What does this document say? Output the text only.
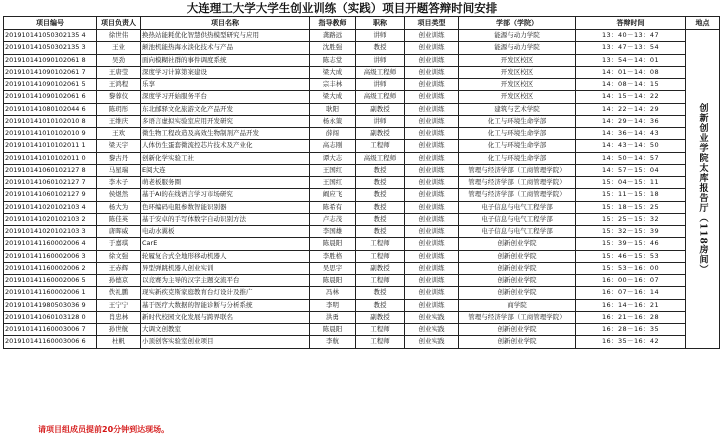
大连理工大学大学生创业训练（实践）项目开题答辩时间安排
项目编号	项目负责人	项目名称	指导教师	职称	项目类型	学部（学院）	答辩时间	地点
201910141050302135 4	徐世伟	换热站能耗优化智慧供热模型研究与应用	龚路远	讲师	创业训练	能源与动力学院	13：40－13：47	创新创业学院太库报告厅（118房间）

201910141050302135 3	王业	颠池机能热海水淡化技术与产品	沈胜强	教授	创业训练	能源与动力学院	13：47－13：54	
201910141090102061 8	吴劲	面向模糊社群的事件调度系统	陈志堂	讲师	创业训练	开发区校区	13：54－14：01	
201910141090102061 7	王唐莹	深度学习计算第案建设	梁大成	高级工程师	创业训练	开发区校区	14：01－14：08	
201910141090102061 5	王鸿程	乐享	宗丰林	讲师	创业训练	开发区校区	14：08－14：15	
201910141090102061 6	黎蓉仪	深度学习开始服务平台	梁大成	高级工程师	创业训练	开发区校区	14：15－14：22	
201910141080102044 6	陈玥彤	东北邮驿文化旅游文化产品开发	耿阳	副教授	创业训练	建筑与艺术学院	14：22－14：29	
201910141010102010 8	王维庆	多语言虚拟实验室应用开发研究	杨永策	讲师	创业训练	化工与环境生命学部	14：29－14：36	
201910141010102010 9	王欢	微生物工程改造及高效生物制剂产品开发	薛闯	副教授	创业训练	化工与环境生命学部	14：36－14：43	
201910141010102011 1	梁天宇	人体仿生蛋套微流控芯片技术及产业化	高志刚	工程师	创业训练	化工与环境生命学部	14：43－14：50	
201910141010102011 0	黎古丹	创新化学实验工社	谭大志	高级工程师	创业训练	化工与环境生命学部	14：50－14：57	
201910141060102127 8	马星瑞	E阅大连	王国红	教授	创业训练	管理与经济学部（工商管理学院）	14：57－15：04	
201910141060102127 7	李木子	萌老板服务圈	王国红	教授	创业训练	管理与经济学部（工商管理学院）	15：04－15：11	
201910141060102127 9	侯煜然	基于AI的在线语言学习市场研究	阚应飞	教授	创业训练	管理与经济学部（工商管理学院）	15：11－15：18	
201910141020102103 4	杨大为	色环编码电阻参数智能识别器	陈希有	教授	创业训练	电子信息与电气工程学部	15：18－15：25	
201910141020102103 2	陈佳英	基于安卓的手写体数字自动识别方法	卢志茂	教授	创业训练	电子信息与电气工程学部	15：25－15：32	
201910141020102103 3	唐晖威	电动水翼板	李国雄	教授	创业训练	电子信息与电气工程学部	15：32－15：39	
201910141160002006 4	于嘉琪	CarE	陈晨阳	工程师	创业训练	创新创业学院	15：39－15：46	
201910141160002006 3	徐文强	轮履复合式全地形移动机器人	李胜格	工程师	创业训练	创新创业学院	15：46－15：53	
201910141160002006 2	王赤辉	异型弹跳机器人创业实训	吴思宇	副教授	创业训练	创新创业学院	15：53－16：00	
201910141160002006 5	孙德京	以竞赛为主导的汉字主题交流平台	陈晨阳	工程师	创业训练	创新创业学院	16：00－16：07	
201910141160002006 1	佚礼鹏	现实新疾克斯家庭教育台灯设计及推广	冯林	教授	创业训练	创新创业学院	16：07－16：14	
201910141980503036 9	王宁宁	基于医疗大数据的智能诊断与分析系统	李明	教授	创业训练	商学院	16：14－16：21	
201910141060103128 0	肖忠林	新时代校园文化发展与跨界联名	洪勇	副教授	创业实践	管理与经济学部（工商管理学院）	16：21－16：28	
201910141160003006 7	孙世航	大调文创教室	陈晨阳	工程师	创业实践	创新创业学院	16：28－16：35	
201910141160003006 6	杜帆	小顶创客实验室创业项目	李航	工程师	创业实践	创新创业学院	16：35－16：42	
请项目组成员提前20分钟到达现场。
